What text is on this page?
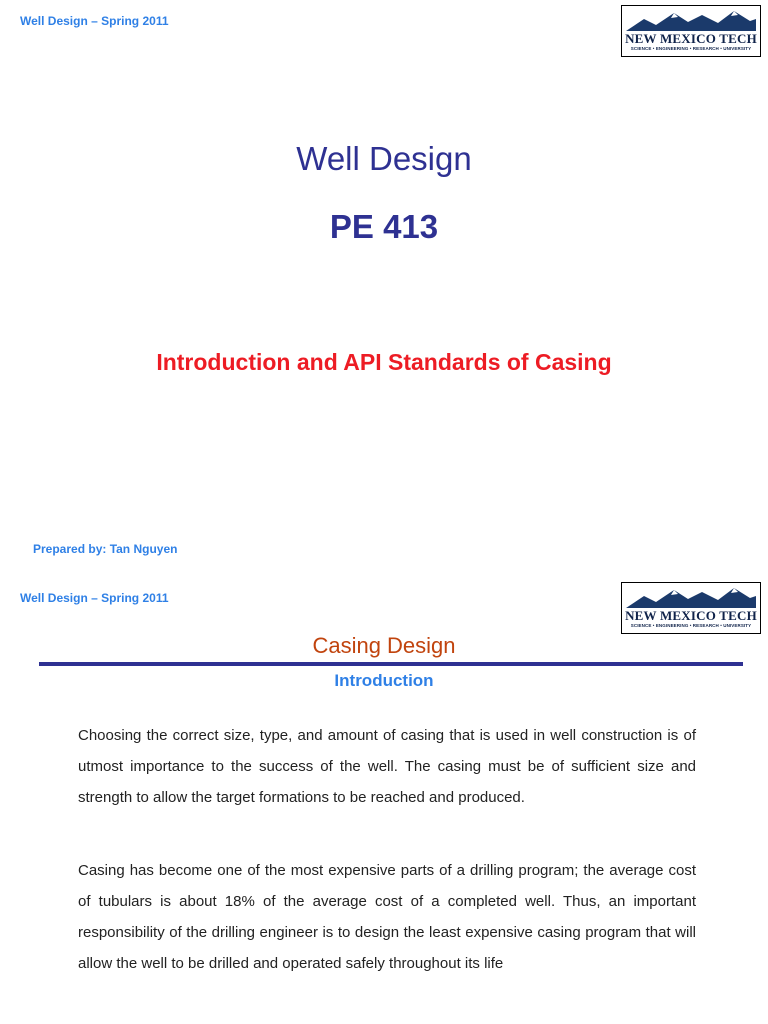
Well Design – Spring 2011
NEW MEXICO TECH
SCIENCE • ENGINEERING • RESEARCH • UNIVERSITY
Well Design
PE 413
Introduction and API Standards of Casing
Prepared by: Tan Nguyen
Well Design – Spring 2011
NEW MEXICO TECH
SCIENCE • ENGINEERING • RESEARCH • UNIVERSITY
Casing Design
Introduction

Choosing the correct size, type, and amount of casing that is used in well construction is of utmost importance to the success of the well. The casing must be of sufficient size and strength to allow the target formations to be reached and produced.

Casing has become one of the most expensive parts of a drilling program; the average cost of tubulars is about 18% of the average cost of a completed well. Thus, an important responsibility of the drilling engineer is to design the least expensive casing program that will allow the well to be drilled and operated safely throughout its life
